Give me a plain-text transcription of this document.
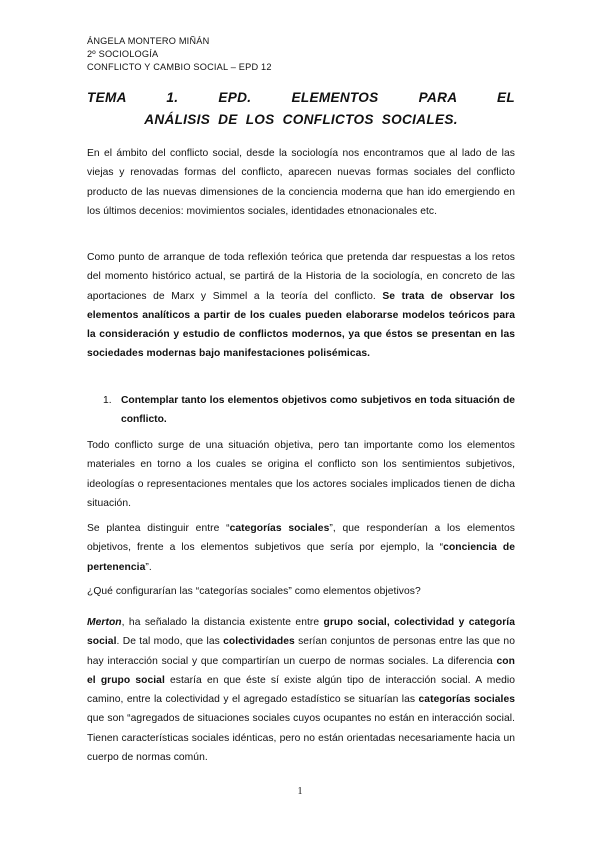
ÁNGELA MONTERO MIÑÁN
2º SOCIOLOGÍA
CONFLICTO Y CAMBIO SOCIAL – EPD 12
TEMA 1. EPD. ELEMENTOS PARA EL
ANÁLISIS DE LOS CONFLICTOS SOCIALES.
En el ámbito del conflicto social, desde la sociología nos encontramos que al lado de las viejas y renovadas formas del conflicto, aparecen nuevas formas sociales del conflicto producto de las nuevas dimensiones de la conciencia moderna que han ido emergiendo en los últimos decenios: movimientos sociales, identidades etnonacionales etc.
Como punto de arranque de toda reflexión teórica que pretenda dar respuestas a los retos del momento histórico actual, se partirá de la Historia de la sociología, en concreto de las aportaciones de Marx y Simmel a la teoría del conflicto. Se trata de observar los elementos analíticos a partir de los cuales pueden elaborarse modelos teóricos para la consideración y estudio de conflictos modernos, ya que éstos se presentan en las sociedades modernas bajo manifestaciones polisémicas.
1. Contemplar tanto los elementos objetivos como subjetivos en toda situación de conflicto.
Todo conflicto surge de una situación objetiva, pero tan importante como los elementos materiales en torno a los cuales se origina el conflicto son los sentimientos subjetivos, ideologías o representaciones mentales que los actores sociales implicados tienen de dicha situación.
Se plantea distinguir entre “categorías sociales”, que responderían a los elementos objetivos, frente a los elementos subjetivos que sería por ejemplo, la “conciencia de pertenencia”.
¿Qué configurarían las “categorías sociales” como elementos objetivos?
Merton, ha señalado la distancia existente entre grupo social, colectividad y categoría social. De tal modo, que las colectividades serían conjuntos de personas entre las que no hay interacción social y que compartirían un cuerpo de normas sociales. La diferencia con el grupo social estaría en que éste sí existe algún tipo de interacción social. A medio camino, entre la colectividad y el agregado estadístico se situarían las categorías sociales que son “agregados de situaciones sociales cuyos ocupantes no están en interacción social. Tienen características sociales idénticas, pero no están orientadas necesariamente hacia un cuerpo de normas común.
1
